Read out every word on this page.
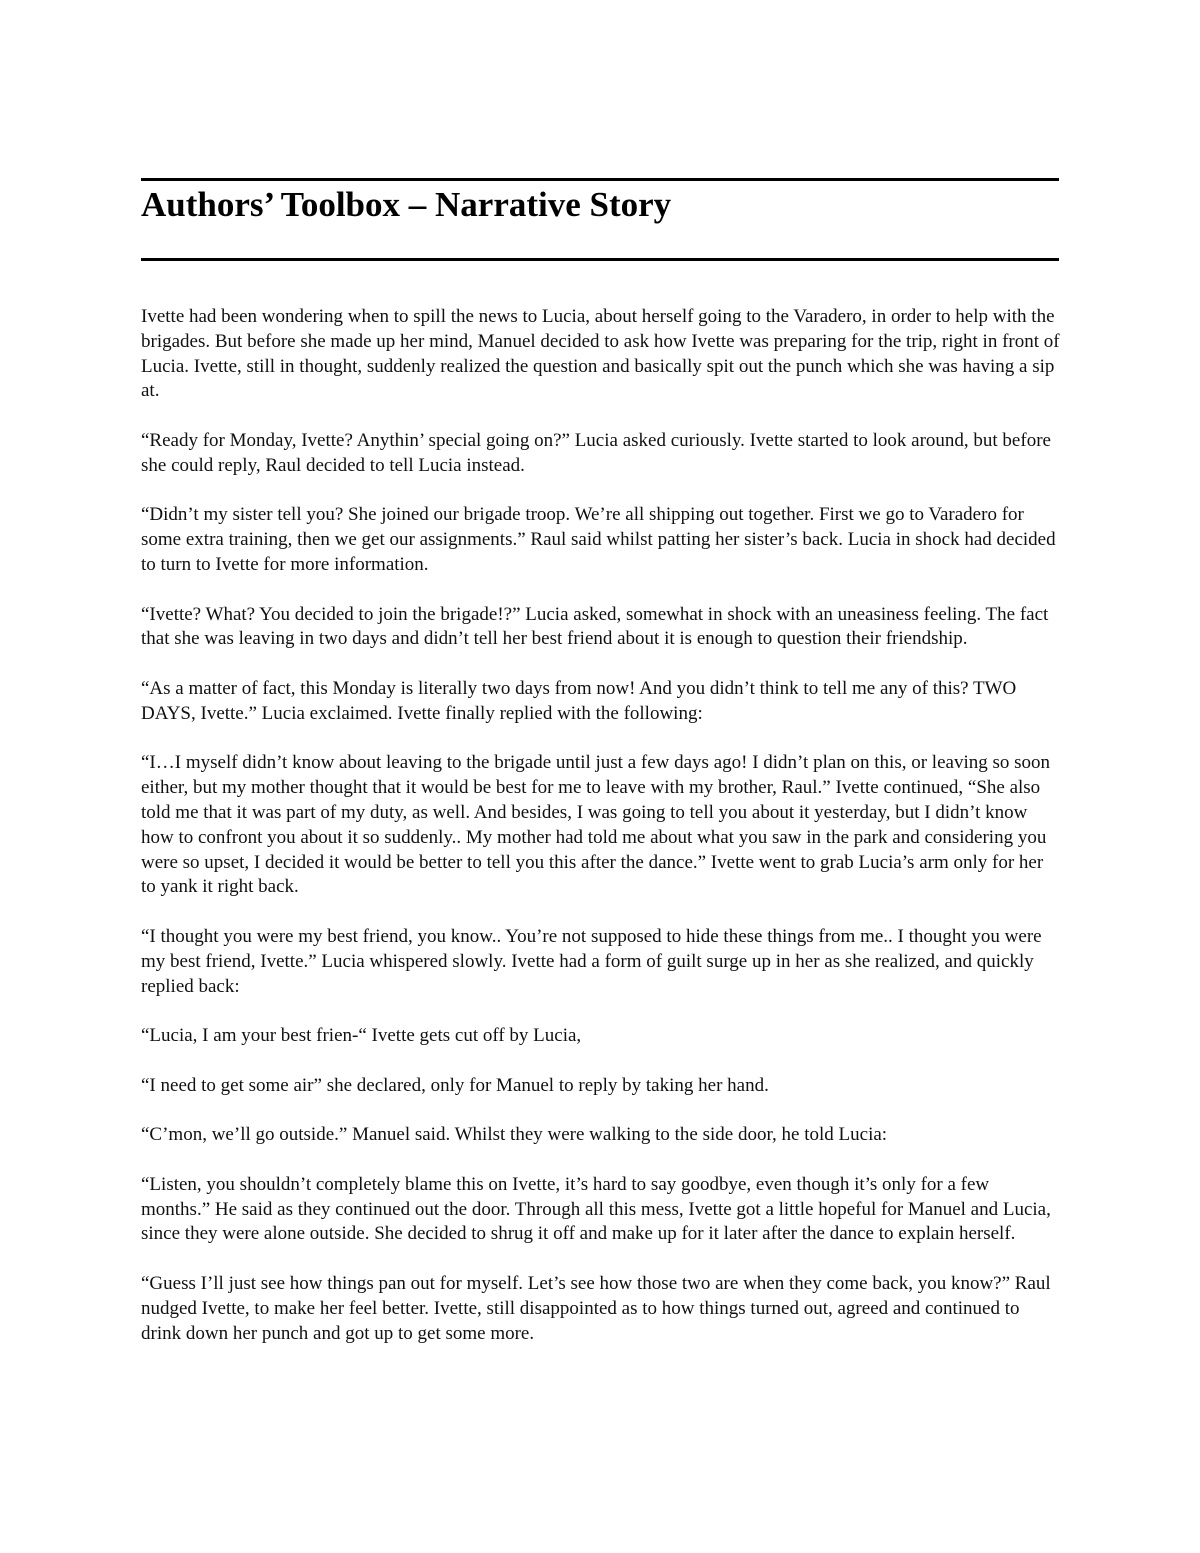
Authors’ Toolbox – Narrative Story

Ivette had been wondering when to spill the news to Lucia, about herself going to the Varadero, in order to help with the brigades. But before she made up her mind, Manuel decided to ask how Ivette was preparing for the trip, right in front of Lucia. Ivette, still in thought, suddenly realized the question and basically spit out the punch which she was having a sip at.

“Ready for Monday, Ivette? Anythin’ special going on?” Lucia asked curiously. Ivette started to look around, but before she could reply, Raul decided to tell Lucia instead.

“Didn’t my sister tell you? She joined our brigade troop. We’re all shipping out together. First we go to Varadero for some extra training, then we get our assignments.” Raul said whilst patting her sister’s back. Lucia in shock had decided to turn to Ivette for more information.

“Ivette? What? You decided to join the brigade!?” Lucia asked, somewhat in shock with an uneasiness feeling. The fact that she was leaving in two days and didn’t tell her best friend about it is enough to question their friendship.

“As a matter of fact, this Monday is literally two days from now! And you didn’t think to tell me any of this? TWO DAYS, Ivette.” Lucia exclaimed. Ivette finally replied with the following:

“I…I myself didn’t know about leaving to the brigade until just a few days ago! I didn’t plan on this, or leaving so soon either, but my mother thought that it would be best for me to leave with my brother, Raul.” Ivette continued, “She also told me that it was part of my duty, as well. And besides, I was going to tell you about it yesterday, but I didn’t know how to confront you about it so suddenly.. My mother had told me about what you saw in the park and considering you were so upset, I decided it would be better to tell you this after the dance.” Ivette went to grab Lucia’s arm only for her to yank it right back.

“I thought you were my best friend, you know.. You’re not supposed to hide these things from me.. I thought you were my best friend, Ivette.” Lucia whispered slowly. Ivette had a form of guilt surge up in her as she realized, and quickly replied back:

“Lucia, I am your best frien-“ Ivette gets cut off by Lucia,

“I need to get some air” she declared, only for Manuel to reply by taking her hand.

“C’mon, we’ll go outside.” Manuel said. Whilst they were walking to the side door, he told Lucia:

“Listen, you shouldn’t completely blame this on Ivette, it’s hard to say goodbye, even though it’s only for a few months.” He said as they continued out the door. Through all this mess, Ivette got a little hopeful for Manuel and Lucia, since they were alone outside. She decided to shrug it off and make up for it later after the dance to explain herself.

“Guess I’ll just see how things pan out for myself. Let’s see how those two are when they come back, you know?” Raul nudged Ivette, to make her feel better. Ivette, still disappointed as to how things turned out, agreed and continued to drink down her punch and got up to get some more.
